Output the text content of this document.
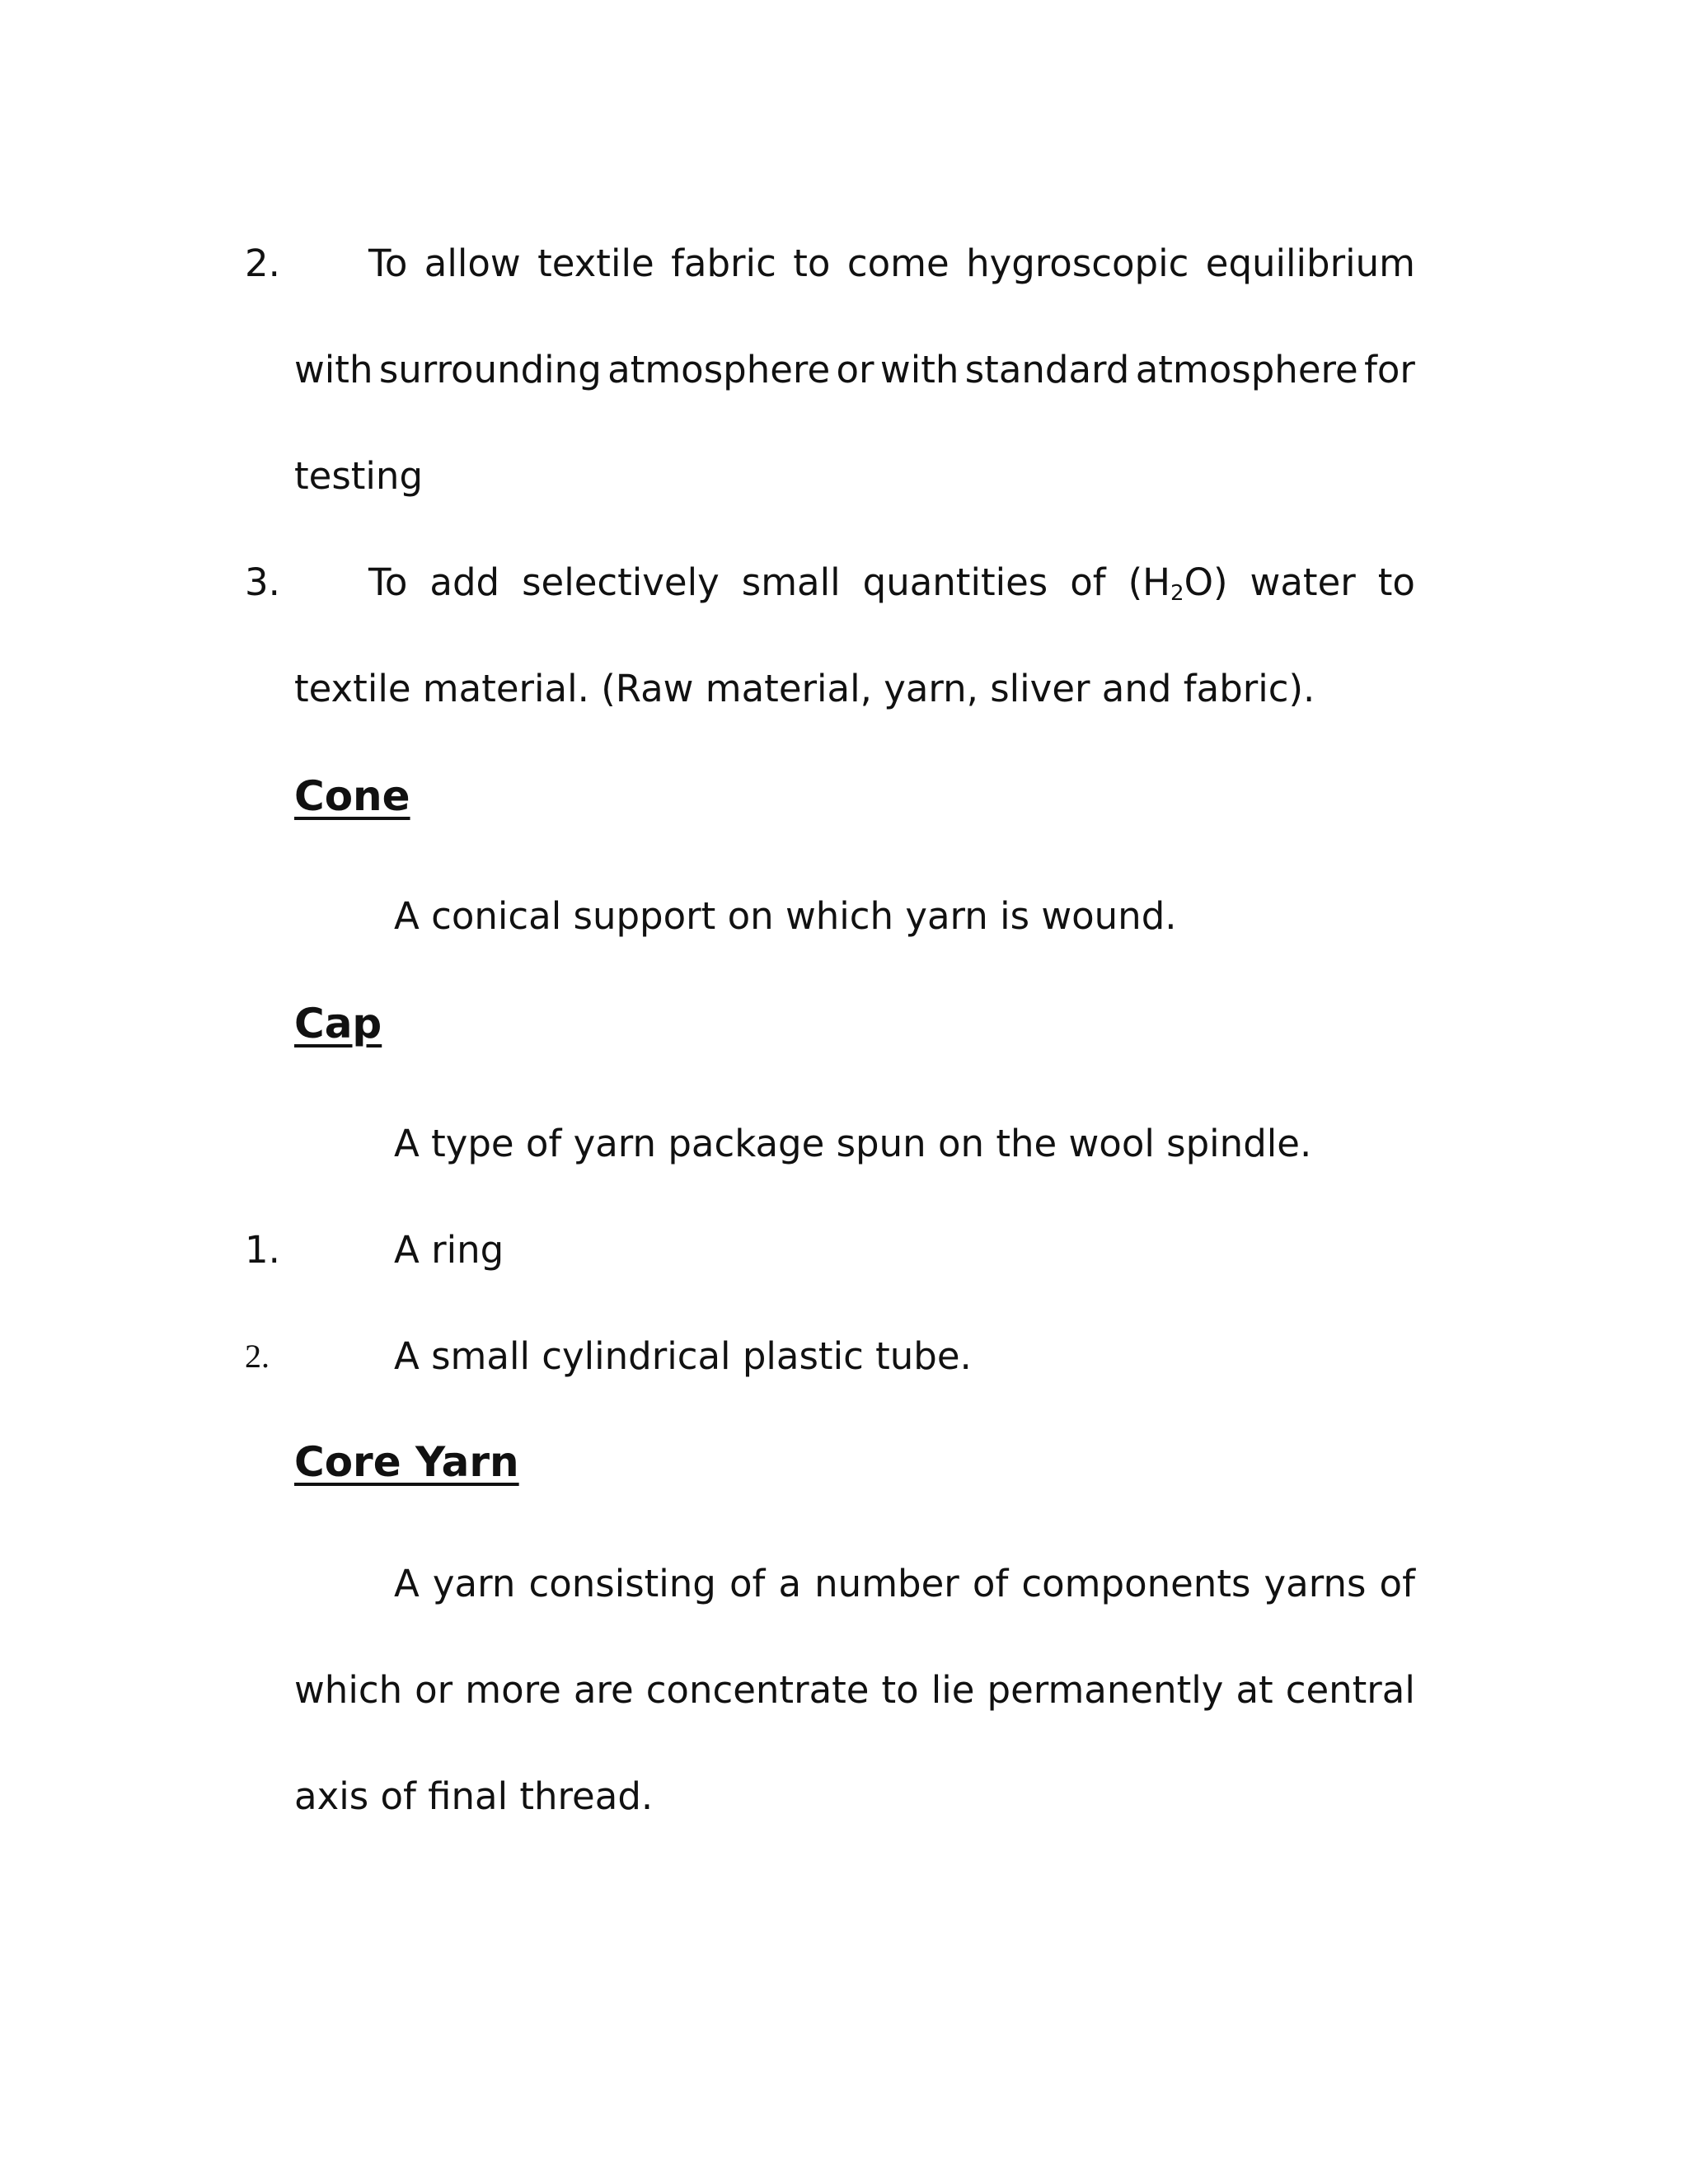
2. To allow textile fabric to come hygroscopic equilibrium
with surrounding atmosphere or with standard atmosphere for
testing
3. To add selectively small quantities of $(H_2O)$ water to
textile material. (Raw material, yarn, sliver and fabric).
Cone
A conical support on which yarn is wound.
Cap
A type of yarn package spun on the wool spindle.
1.	A ring
2.	A small cylindrical plastic tube.
Core Yarn
A yarn consisting of a number of components yarns of
which or more are concentrate to lie permanently at central
axis of final thread.
